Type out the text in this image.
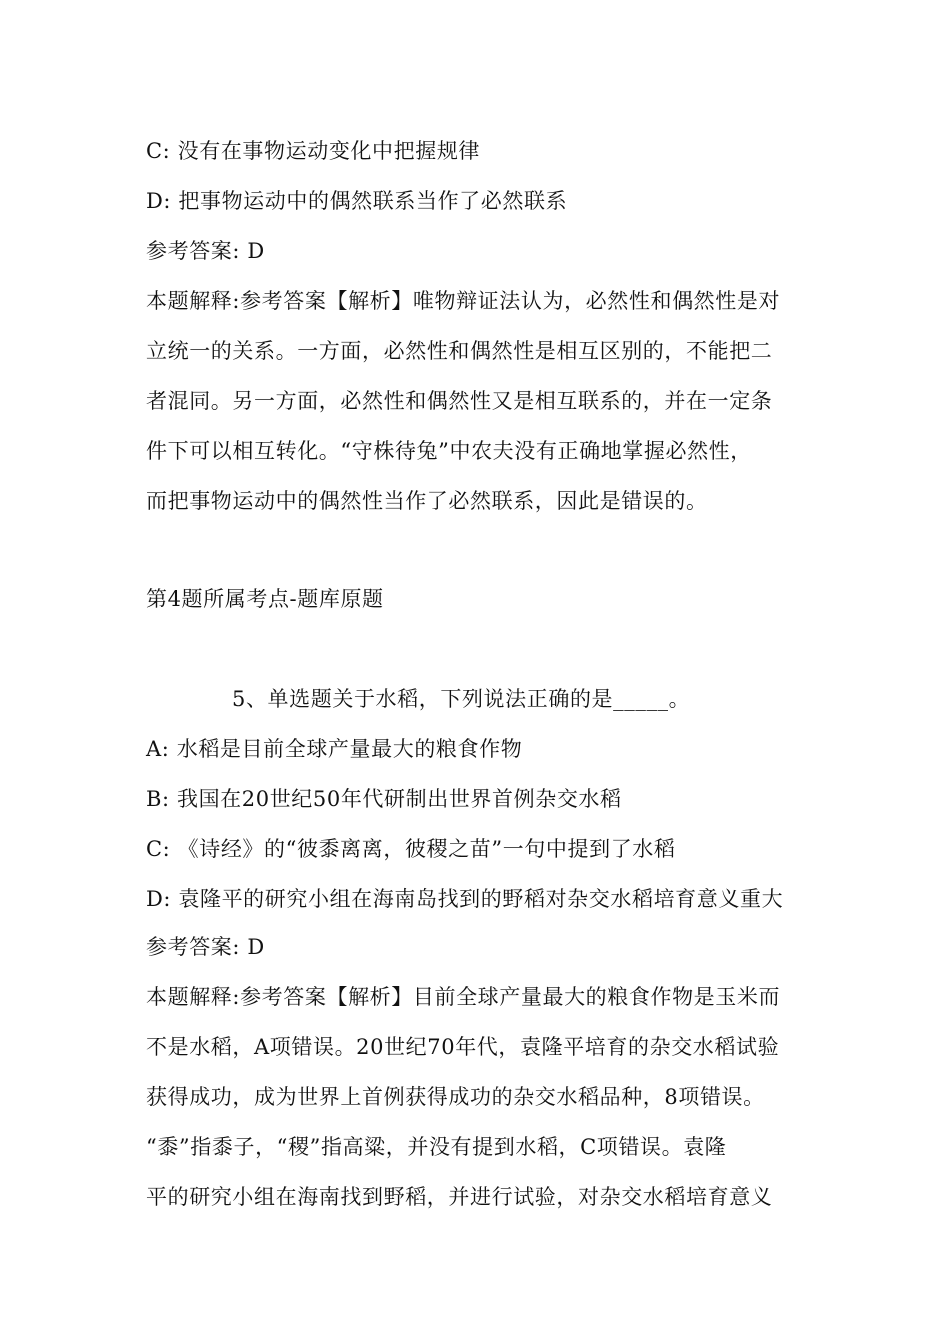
C: 没有在事物运动变化中把握规律
D: 把事物运动中的偶然联系当作了必然联系
参考答案: D
本题解释:参考答案【解析】唯物辩证法认为，必然性和偶然性是对
立统一的关系。一方面，必然性和偶然性是相互区别的，不能把二
者混同。另一方面，必然性和偶然性又是相互联系的，并在一定条
件下可以相互转化。“守株待兔”中农夫没有正确地掌握必然性，
而把事物运动中的偶然性当作了必然联系，因此是错误的。
第4题所属考点-题库原题
5、单选题关于水稻，下列说法正确的是_____。
A: 水稻是目前全球产量最大的粮食作物
B: 我国在20世纪50年代研制出世界首例杂交水稻
C: 《诗经》的“彼黍离离，彼稷之苗”一句中提到了水稻
D: 袁隆平的研究小组在海南岛找到的野稻对杂交水稻培育意义重大
参考答案: D
本题解释:参考答案【解析】目前全球产量最大的粮食作物是玉米而
不是水稻，A项错误。20世纪70年代，袁隆平培育的杂交水稻试验
获得成功，成为世界上首例获得成功的杂交水稻品种，8项错误。
“黍”指黍子，“稷”指高粱，并没有提到水稻，C项错误。袁隆
平的研究小组在海南找到野稻，并进行试验，对杂交水稻培育意义
